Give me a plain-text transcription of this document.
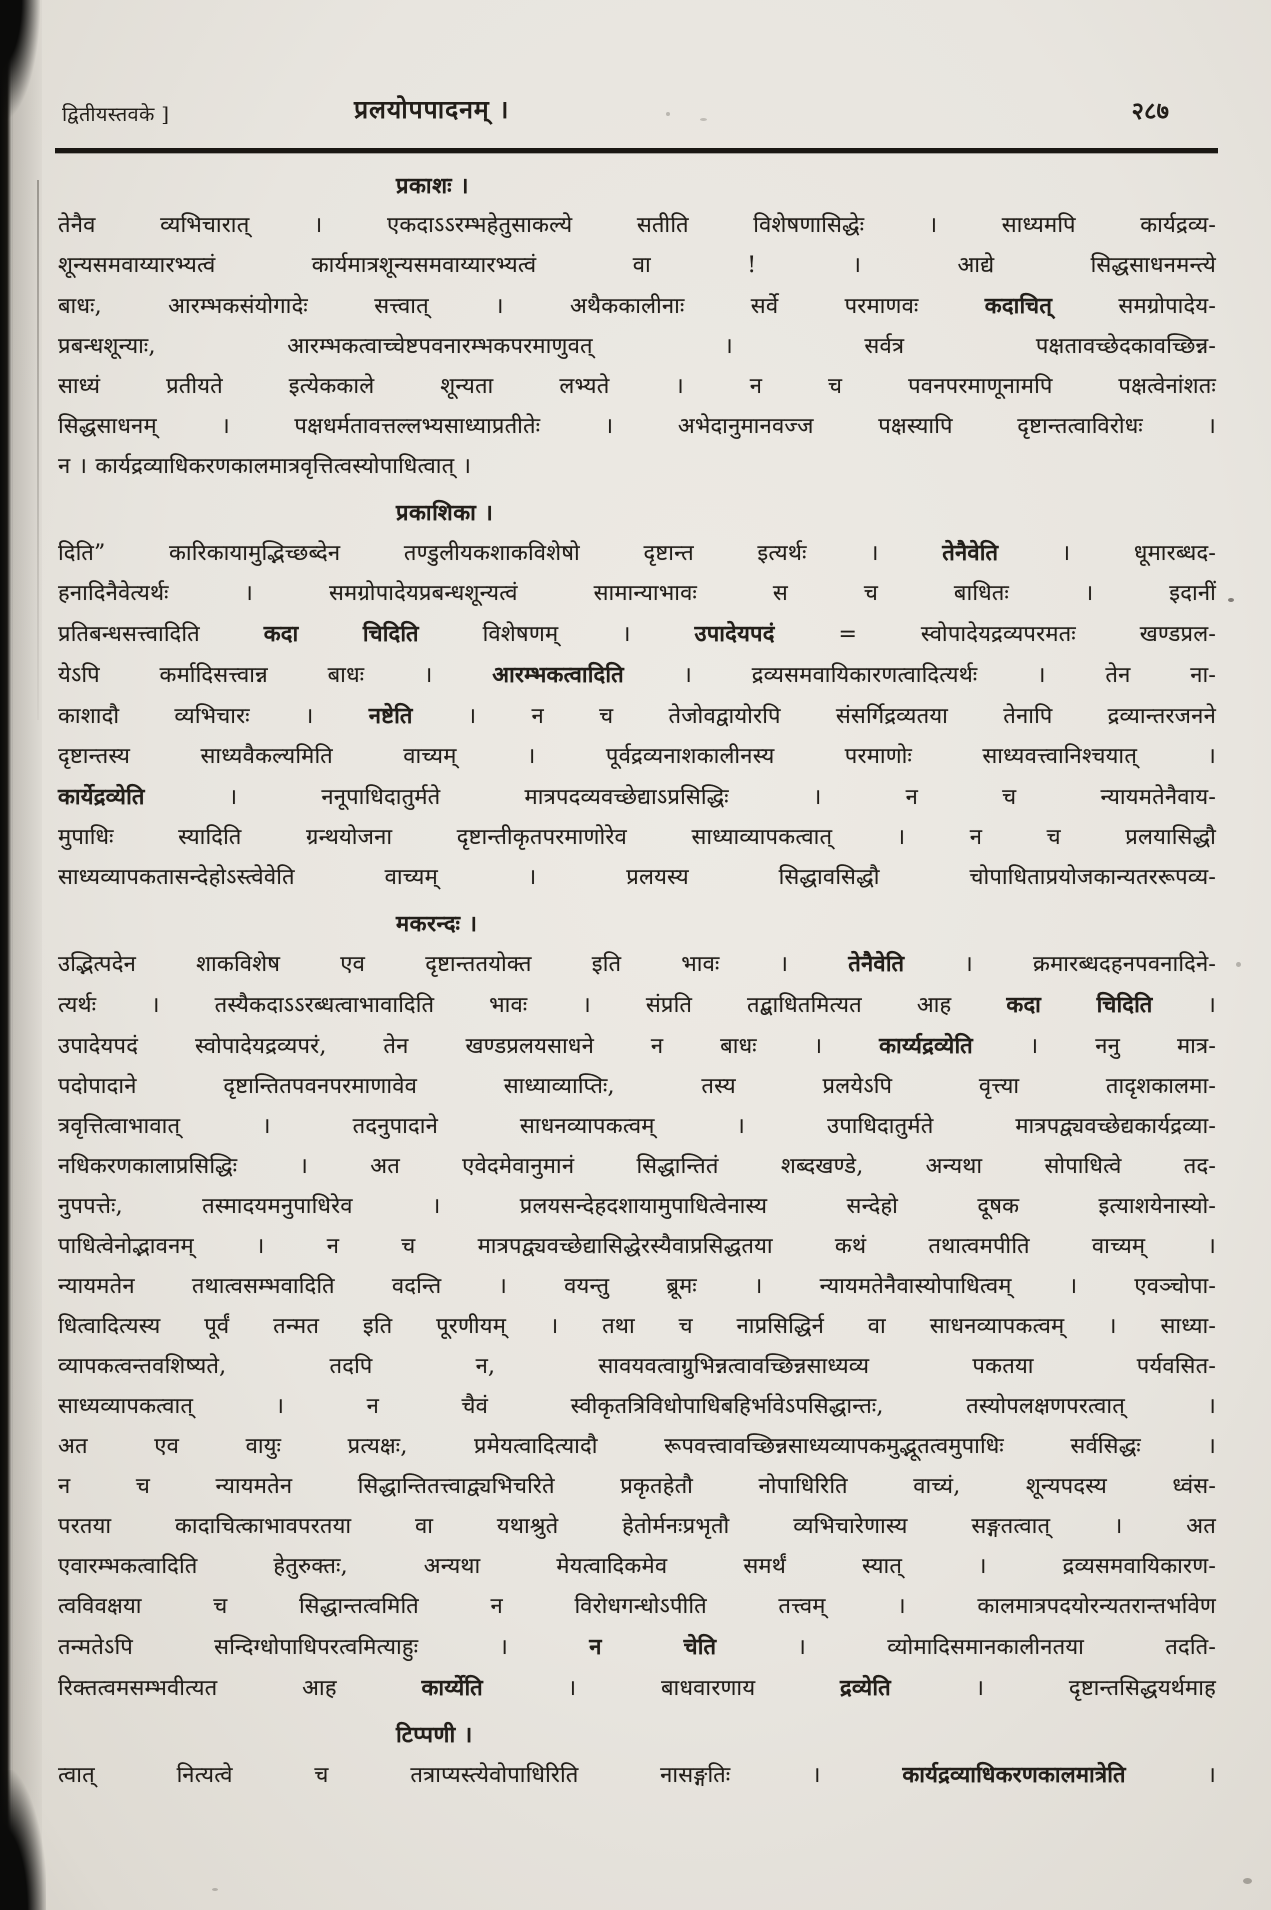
द्वितीयस्तवके ]	प्रलयोपपादनम् ।	२८७
प्रकाशः ।
तेनैव व्यभिचारात् । एकदाऽऽरम्भहेतुसाकल्ये सतीति विशेषणासिद्धेः । साध्यमपि कार्यद्रव्य-
शून्यसमवाय्यारभ्यत्वं कार्यमात्रशून्यसमवाय्यारभ्यत्वं वा ! । आद्ये सिद्धसाधनमन्त्ये
बाधः, आरम्भकसंयोगादेः सत्त्वात् । अथैककालीनाः सर्वे परमाणवः कदाचित् समग्रोपादेय-
प्रबन्धशून्याः, आरम्भकत्वाच्चेष्टपवनारम्भकपरमाणुवत् । सर्वत्र पक्षतावच्छेदकावच्छिन्न-
साध्यं प्रतीयते इत्येककाले शून्यता लभ्यते । न च पवनपरमाणूनामपि पक्षत्वेनांशतः
सिद्धसाधनम् । पक्षधर्मतावत्तल्लभ्यसाध्याप्रतीतेः । अभेदानुमानवज्ज पक्षस्यापि दृष्टान्तत्वाविरोधः ।
न । कार्यद्रव्याधिकरणकालमात्रवृत्तित्वस्योपाधित्वात् ।
प्रकाशिका ।
दिति” कारिकायामुद्भिच्छब्देन तण्डुलीयकशाकविशेषो दृष्टान्त इत्यर्थः । तेनैवेति । धूमारब्धद-
हनादिनैवेत्यर्थः । समग्रोपादेयप्रबन्धशून्यत्वं सामान्याभावः स च बाधितः । इदानीं
प्रतिबन्धसत्त्वादिति कदा चिदिति विशेषणम् । उपादेयपदं = स्वोपादेयद्रव्यपरमतः खण्डप्रल-
येऽपि कर्मादिसत्त्वान्न बाधः । आरम्भकत्वादिति । द्रव्यसमवायिकारणत्वादित्यर्थः । तेन ना-
काशादौ व्यभिचारः । नष्टेति । न च तेजोवद्वायोरपि संसर्गिद्रव्यतया तेनापि द्रव्यान्तरजनने
दृष्टान्तस्य साध्यवैकल्यमिति वाच्यम् । पूर्वद्रव्यनाशकालीनस्य परमाणोः साध्यवत्त्वानिश्चयात् ।
कार्येद्रव्येति । ननूपाधिदातुर्मते मात्रपदव्यवच्छेद्याऽप्रसिद्धिः । न च न्यायमतेनैवाय-
मुपाधिः स्यादिति ग्रन्थयोजना दृष्टान्तीकृतपरमाणोरेव साध्याव्यापकत्वात् । न च प्रलयासिद्धौ
साध्यव्यापकतासन्देहोऽस्त्वेवेति वाच्यम् । प्रलयस्य सिद्धावसिद्धौ चोपाधिताप्रयोजकान्यतररूपव्य-
मकरन्दः ।
उद्भित्पदेन शाकविशेष एव दृष्टान्ततयोक्त इति भावः । तेनैवेति । क्रमारब्धदहनपवनादिने-
त्यर्थः । तस्यैकदाऽऽरब्धत्वाभावादिति भावः । संप्रति तद्बाधितमित्यत आह कदा चिदिति ।
उपादेयपदं स्वोपादेयद्रव्यपरं, तेन खण्डप्रलयसाधने न बाधः । कार्य्यद्रव्येति । ननु मात्र-
पदोपादाने दृष्टान्तितपवनपरमाणावेव साध्याव्याप्तिः, तस्य प्रलयेऽपि वृत्त्या तादृशकालमा-
त्रवृत्तित्वाभावात् । तदनुपादाने साधनव्यापकत्वम् । उपाधिदातुर्मते मात्रपद्व्यवच्छेद्यकार्यद्रव्या-
नधिकरणकालाप्रसिद्धिः । अत एवेदमेवानुमानं सिद्धान्तितं शब्दखण्डे, अन्यथा सोपाधित्वे तद-
नुपपत्तेः, तस्मादयमनुपाधिरेव । प्रलयसन्देहदशायामुपाधित्वेनास्य सन्देहो दूषक इत्याशयेनास्यो-
पाधित्वेनोद्भावनम् । न च मात्रपद्व्यवच्छेद्यासिद्धेरस्यैवाप्रसिद्धतया कथं तथात्वमपीति वाच्यम् ।
न्यायमतेन तथात्वसम्भवादिति वदन्ति । वयन्तु ब्रूमः । न्यायमतेनैवास्योपाधित्वम् । एवञ्चोपा-
धित्वादित्यस्य पूर्वं तन्मत इति पूरणीयम् । तथा च नाप्रसिद्धिर्न वा साधनव्यापकत्वम् । साध्या-
व्यापकत्वन्तवशिष्यते, तदपि न, सावयवत्वाग्रुभिन्नत्वावच्छिन्नसाध्यव्य पकतया पर्यवसित-
साध्यव्यापकत्वात् । न चैवं स्वीकृतत्रिविधोपाधिबहिर्भावेऽपसिद्धान्तः, तस्योपलक्षणपरत्वात् ।
अत एव वायुः प्रत्यक्षः, प्रमेयत्वादित्यादौ रूपवत्त्वावच्छिन्नसाध्यव्यापकमुद्भूतत्वमुपाधिः सर्वसिद्धः ।
न च न्यायमतेन सिद्धान्तितत्त्वाद्व्यभिचरिते प्रकृतहेतौ नोपाधिरिति वाच्यं, शून्यपदस्य ध्वंस-
परतया कादाचित्काभावपरतया वा यथाश्रुते हेतोर्मनःप्रभृतौ व्यभिचारेणास्य सङ्गतत्वात् । अत
एवारम्भकत्वादिति हेतुरुक्तः, अन्यथा मेयत्वादिकमेव समर्थं स्यात् । द्रव्यसमवायिकारण-
त्वविवक्षया च सिद्धान्तत्वमिति न विरोधगन्धोऽपीति तत्त्वम् । कालमात्रपदयोरन्यतरान्तर्भावेण
तन्मतेऽपि सन्दिग्धोपाधिपरत्वमित्याहुः । न चेति । व्योमादिसमानकालीनतया तदति-
रिक्तत्वमसम्भवीत्यत आह कार्य्येति । बाधवारणाय द्रव्येति । दृष्टान्तसिद्धयर्थमाह
टिप्पणी ।
त्वात् नित्यत्वे च तत्राप्यस्त्येवोपाधिरिति नासङ्गतिः । कार्यद्रव्याधिकरणकालमात्रेति ।
